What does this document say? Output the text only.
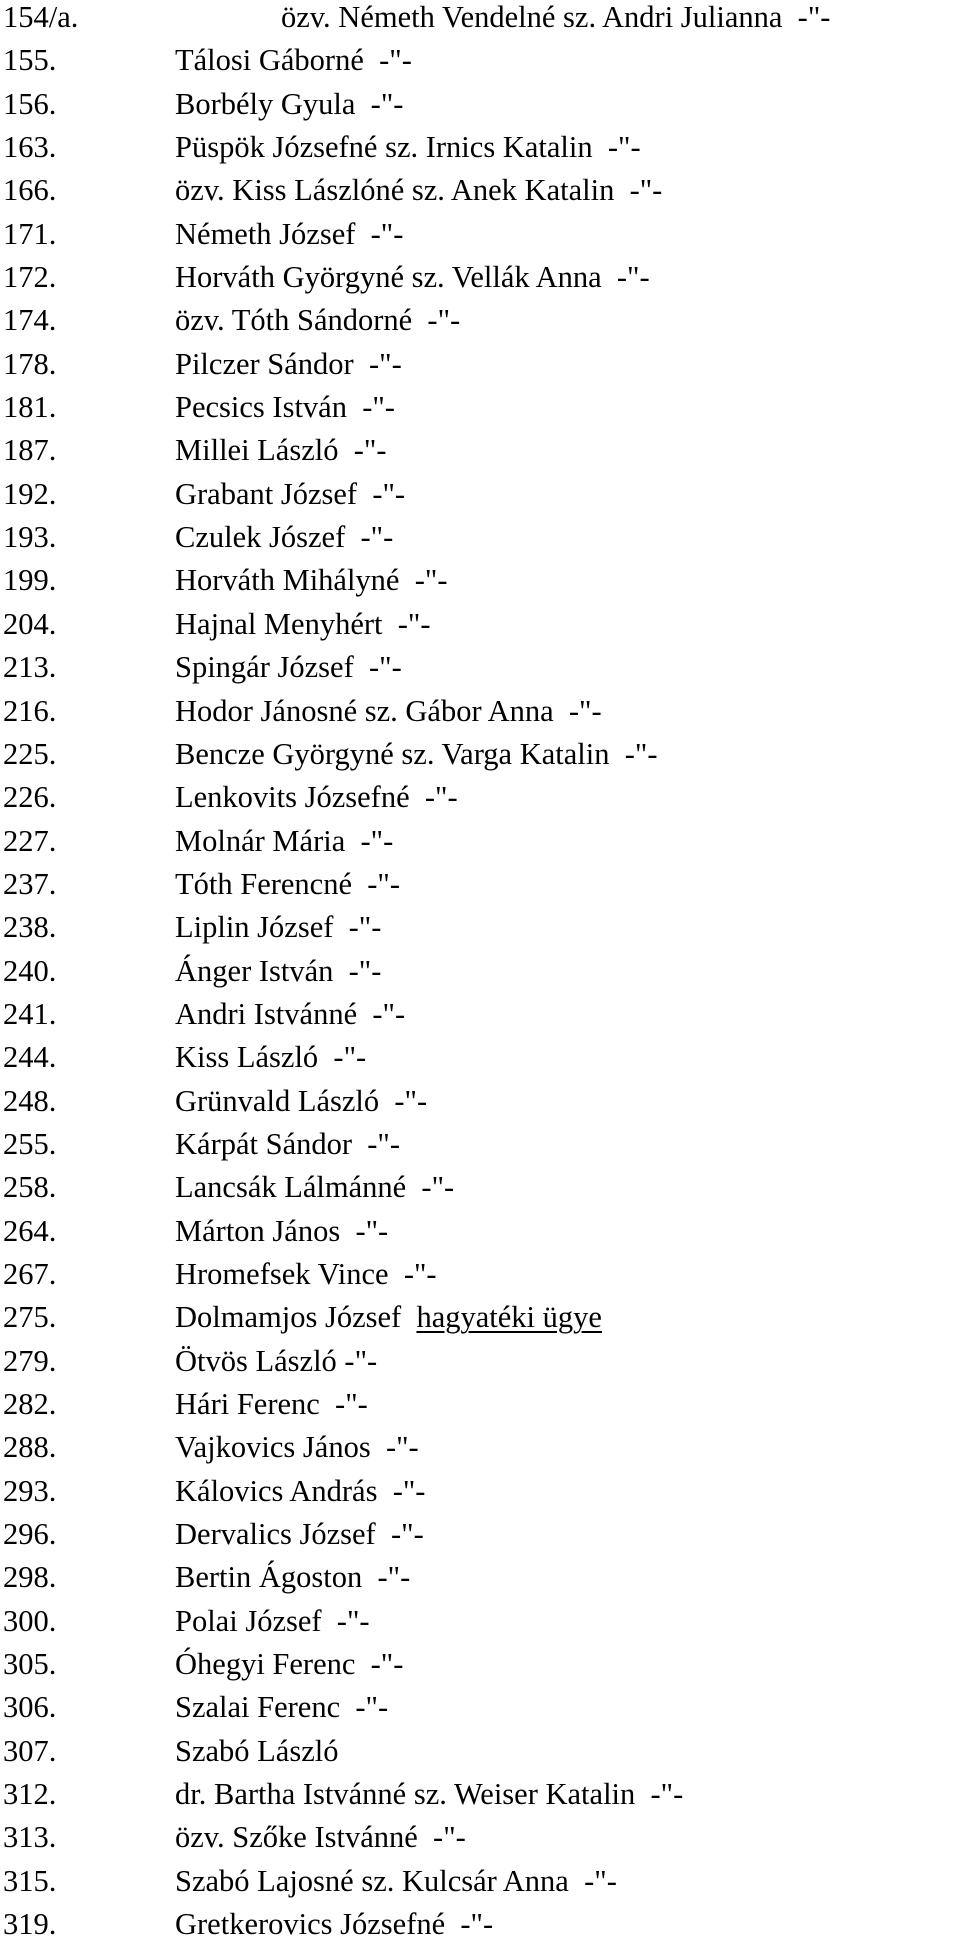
154/a.	özv. Németh Vendelné sz. Andri Julianna  -"-
155.	Tálosi Gáborné  -"-
156.	Borbély Gyula  -"-
163.	Püspök Józsefné sz. Irnics Katalin  -"-
166.	özv. Kiss Lászlóné sz. Anek Katalin  -"-
171.	Németh József  -"-
172.	Horváth Györgyné sz. Vellák Anna  -"-
174.	özv. Tóth Sándorné  -"-
178.	Pilczer Sándor  -"-
181.	Pecsics István  -"-
187.	Millei László  -"-
192.	Grabant József  -"-
193.	Czulek Jószef  -"-
199.	Horváth Mihályné  -"-
204.	Hajnal Menyhért  -"-
213.	Spingár József  -"-
216.	Hodor Jánosné sz. Gábor Anna  -"-
225.	Bencze Györgyné sz. Varga Katalin  -"-
226.	Lenkovits Józsefné  -"-
227.	Molnár Mária  -"-
237.	Tóth Ferencné  -"-
238.	Liplin József  -"-
240.	Ánger István  -"-
241.	Andri Istvánné  -"-
244.	Kiss László  -"-
248.	Grünvald László  -"-
255.	Kárpát Sándor  -"-
258.	Lancsák Lálmánné  -"-
264.	Márton János  -"-
267.	Hromefsek Vince  -"-
275.	Dolmamjos József  hagyatéki ügye
279.	Ötvös László -"-
282.	Hári Ferenc  -"-
288.	Vajkovics János  -"-
293.	Kálovics András  -"-
296.	Dervalics József  -"-
298.	Bertin Ágoston  -"-
300.	Polai József  -"-
305.	Óhegyi Ferenc  -"-
306.	Szalai Ferenc  -"-
307.	Szabó László
312.	dr. Bartha Istvánné sz. Weiser Katalin  -"-
313.	özv. Szőke Istvánné  -"-
315.	Szabó Lajosné sz. Kulcsár Anna  -"-
319.	Gretkerovics Józsefné  -"-
